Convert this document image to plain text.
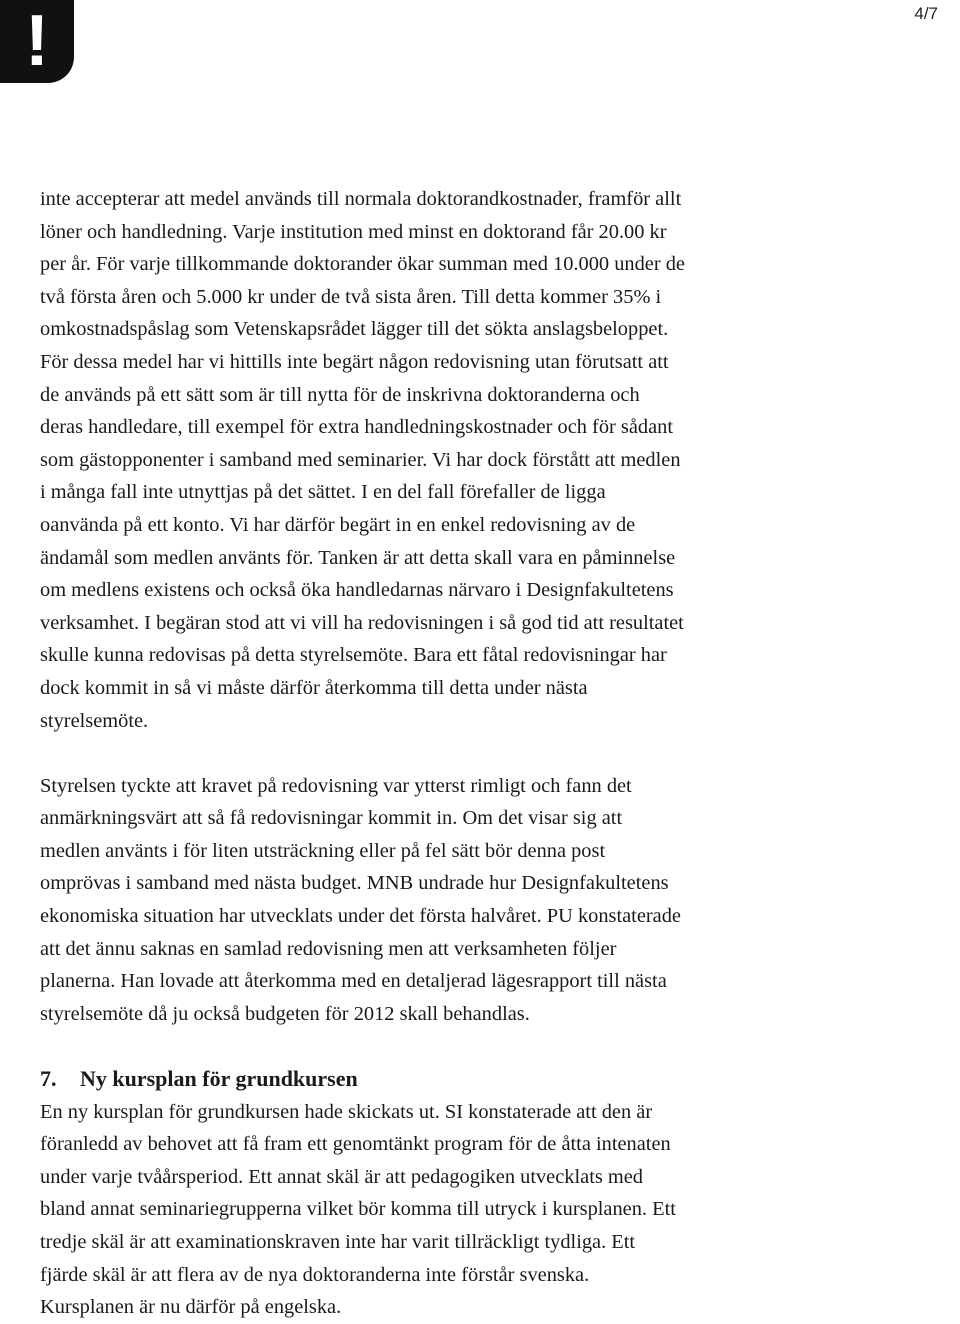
!	4/7
inte accepterar att medel används till normala doktorandkostnader, framför allt
löner och handledning. Varje institution med minst en doktorand får 20.00 kr
per år. För varje tillkommande doktorander ökar summan med 10.000 under de
två första åren och 5.000 kr under de två sista åren. Till detta kommer 35% i
omkostnadspåslag som Vetenskapsrådet lägger till det sökta anslagsbeloppet.
För dessa medel har vi hittills inte begärt någon redovisning utan förutsatt att
de används på ett sätt som är till nytta för de inskrivna doktoranderna och
deras handledare, till exempel för extra handledningskostnader och för sådant
som gästopponenter i samband med seminarier. Vi har dock förstått att medlen
i många fall inte utnyttjas på det sättet. I en del fall förefaller de ligga
oanvända på ett konto. Vi har därför begärt in en enkel redovisning av de
ändamål som medlen använts för. Tanken är att detta skall vara en påminnelse
om medlens existens och också öka handledarnas närvaro i Designfakultetens
verksamhet. I begäran stod att vi vill ha redovisningen i så god tid att resultatet
skulle kunna redovisas på detta styrelsemöte. Bara ett fåtal redovisningar har
dock kommit in så vi måste därför återkomma till detta under nästa
styrelsemöte.
Styrelsen tyckte att kravet på redovisning var ytterst rimligt och fann det
anmärkningsvärt att så få redovisningar kommit in. Om det visar sig att
medlen använts i för liten utsträckning eller på fel sätt bör denna post
omprövas i samband med nästa budget. MNB undrade hur Designfakultetens
ekonomiska situation har utvecklats under det första halvåret. PU konstaterade
att det ännu saknas en samlad redovisning men att verksamheten följer
planerna. Han lovade att återkomma med en detaljerad lägesrapport till nästa
styrelsemöte då ju också budgeten för 2012 skall behandlas.
7. Ny kursplan för grundkursen
En ny kursplan för grundkursen hade skickats ut. SI konstaterade att den är
föranledd av behovet att få fram ett genomtänkt program för de åtta intenaten
under varje tvåårsperiod. Ett annat skäl är att pedagogiken utvecklats med
bland annat seminariegrupperna vilket bör komma till utryck i kursplanen. Ett
tredje skäl är att examinationskraven inte har varit tillräckligt tydliga. Ett
fjärde skäl är att flera av de nya doktoranderna inte förstår svenska.
Kursplanen är nu därför på engelska.
